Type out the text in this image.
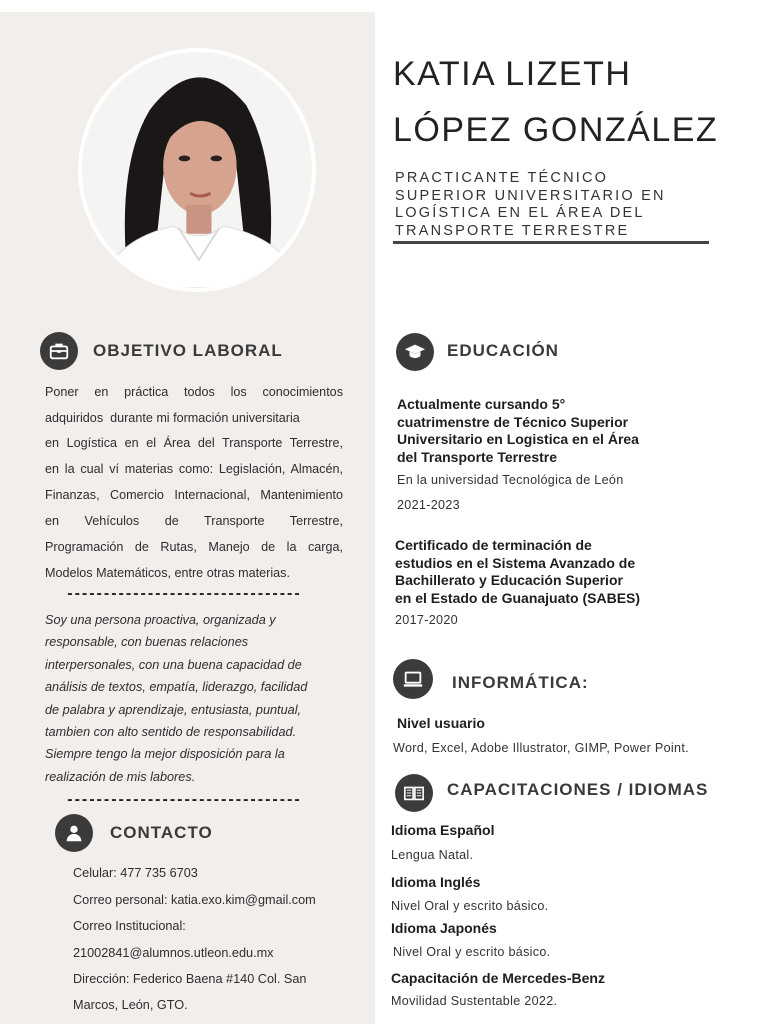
KATIA LIZETH
LÓPEZ GONZÁLEZ
PRACTICANTE TÉCNICO
SUPERIOR UNIVERSITARIO EN
LOGÍSTICA EN EL ÁREA DEL
TRANSPORTE TERRESTRE
OBJETIVO LABORAL
Poner en práctica todos los conocimientos
adquiridos  durante mi formación universitaria
en Logística en el Área del Transporte Terrestre,
en la cual ví materias como: Legislación, Almacén,
Finanzas, Comercio Internacional, Mantenimiento
en Vehículos de Transporte Terrestre,
Programación de Rutas, Manejo de la carga,
Modelos Matemáticos, entre otras materias.
--------------------------------
Soy una persona proactiva, organizada y
responsable, con buenas relaciones
interpersonales, con una buena capacidad de
análisis de textos, empatía, liderazgo, facilidad
de palabra y aprendizaje, entusiasta, puntual,
tambien con alto sentido de responsabilidad.
Siempre tengo la mejor disposición para la
realización de mis labores.
--------------------------------
CONTACTO
Celular: 477 735 6703
Correo personal: katia.exo.kim@gmail.com
Correo Institucional:
21002841@alumnos.utleon.edu.mx
Dirección: Federico Baena #140 Col. San
Marcos, León, GTO.
EDUCACIÓN
Actualmente cursando 5°
cuatrimenstre de Técnico Superior
Universitario en Logistica en el Área
del Transporte Terrestre
En la universidad Tecnológica de León
2021-2023
Certificado de terminación de
estudios en el Sistema Avanzado de
Bachillerato y Educación Superior
en el Estado de Guanajuato (SABES)
2017-2020
INFORMÁTICA:
Nivel usuario
Word, Excel, Adobe Illustrator, GIMP, Power Point.
CAPACITACIONES / IDIOMAS
Idioma Español
Lengua Natal.
Idioma Inglés
Nivel Oral y escrito básico.
Idioma Japonés
Nivel Oral y escrito básico.
Capacitación de Mercedes-Benz
Movilidad Sustentable 2022.
